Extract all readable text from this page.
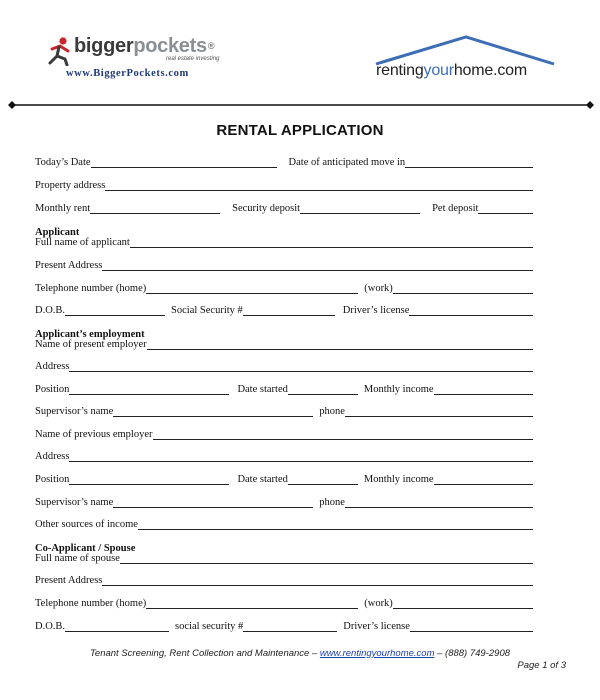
biggerpockets®
real estate investing
www.BiggerPockets.com	rentingyourhome.com
RENTAL APPLICATION
Today’s Date	Date of anticipated move in
Property address
Monthly rent	Security deposit	Pet deposit
Applicant
Full name of applicant
Present Address
Telephone number (home)	(work)
D.O.B.	Social Security #	Driver’s license
Applicant’s employment
Name of present employer
Address
Position	Date started	Monthly income
Supervisor’s name	phone
Name of previous employer
Address
Position	Date started	Monthly income
Supervisor’s name	phone
Other sources of income
Co-Applicant / Spouse
Full name of spouse
Present Address
Telephone number (home)	(work)
D.O.B.	social security #	Driver’s license
Tenant Screening, Rent Collection and Maintenance – www.rentingyourhome.com – (888) 749-2908
Page 1 of 3
